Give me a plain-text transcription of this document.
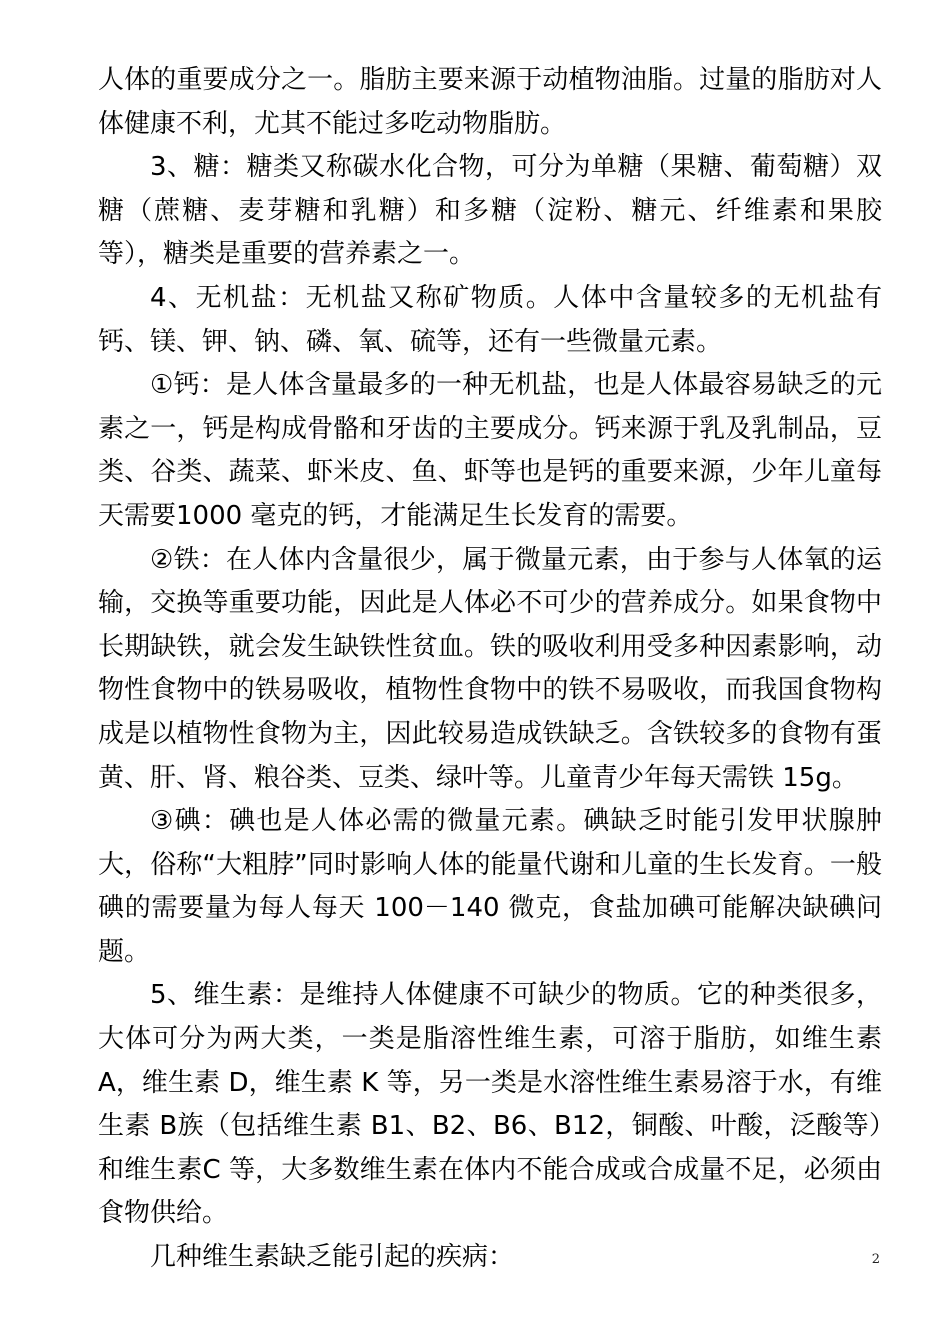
人体的重要成分之一。脂肪主要来源于动植物油脂。过量的脂肪对人体健康不利，尤其不能过多吃动物脂肪。

3、糖：糖类又称碳水化合物，可分为单糖（果糖、葡萄糖）双糖（蔗糖、麦芽糖和乳糖）和多糖（淀粉、糖元、纤维素和果胶等），糖类是重要的营养素之一。

4、无机盐：无机盐又称矿物质。人体中含量较多的无机盐有钙、镁、钾、钠、磷、氧、硫等，还有一些微量元素。

①钙：是人体含量最多的一种无机盐，也是人体最容易缺乏的元素之一，钙是构成骨骼和牙齿的主要成分。钙来源于乳及乳制品，豆类、谷类、蔬菜、虾米皮、鱼、虾等也是钙的重要来源，少年儿童每天需要1000 毫克的钙，才能满足生长发育的需要。

②铁：在人体内含量很少，属于微量元素，由于参与人体氧的运输，交换等重要功能，因此是人体必不可少的营养成分。如果食物中长期缺铁，就会发生缺铁性贫血。铁的吸收利用受多种因素影响，动物性食物中的铁易吸收，植物性食物中的铁不易吸收，而我国食物构成是以植物性食物为主，因此较易造成铁缺乏。含铁较多的食物有蛋黄、肝、肾、粮谷类、豆类、绿叶等。儿童青少年每天需铁 15g。

③碘：碘也是人体必需的微量元素。碘缺乏时能引发甲状腺肿大，俗称“大粗脖”同时影响人体的能量代谢和儿童的生长发育。一般碘的需要量为每人每天 100－140 微克，食盐加碘可能解决缺碘问题。

5、维生素：是维持人体健康不可缺少的物质。它的种类很多，大体可分为两大类，一类是脂溶性维生素，可溶于脂肪，如维生素 A，维生素 D，维生素 K 等，另一类是水溶性维生素易溶于水，有维生素 B族（包括维生素 B1、B2、B6、B12，铜酸、叶酸，泛酸等）和维生素C 等，大多数维生素在体内不能合成或合成量不足，必须由食物供给。

几种维生素缺乏能引起的疾病：	2
